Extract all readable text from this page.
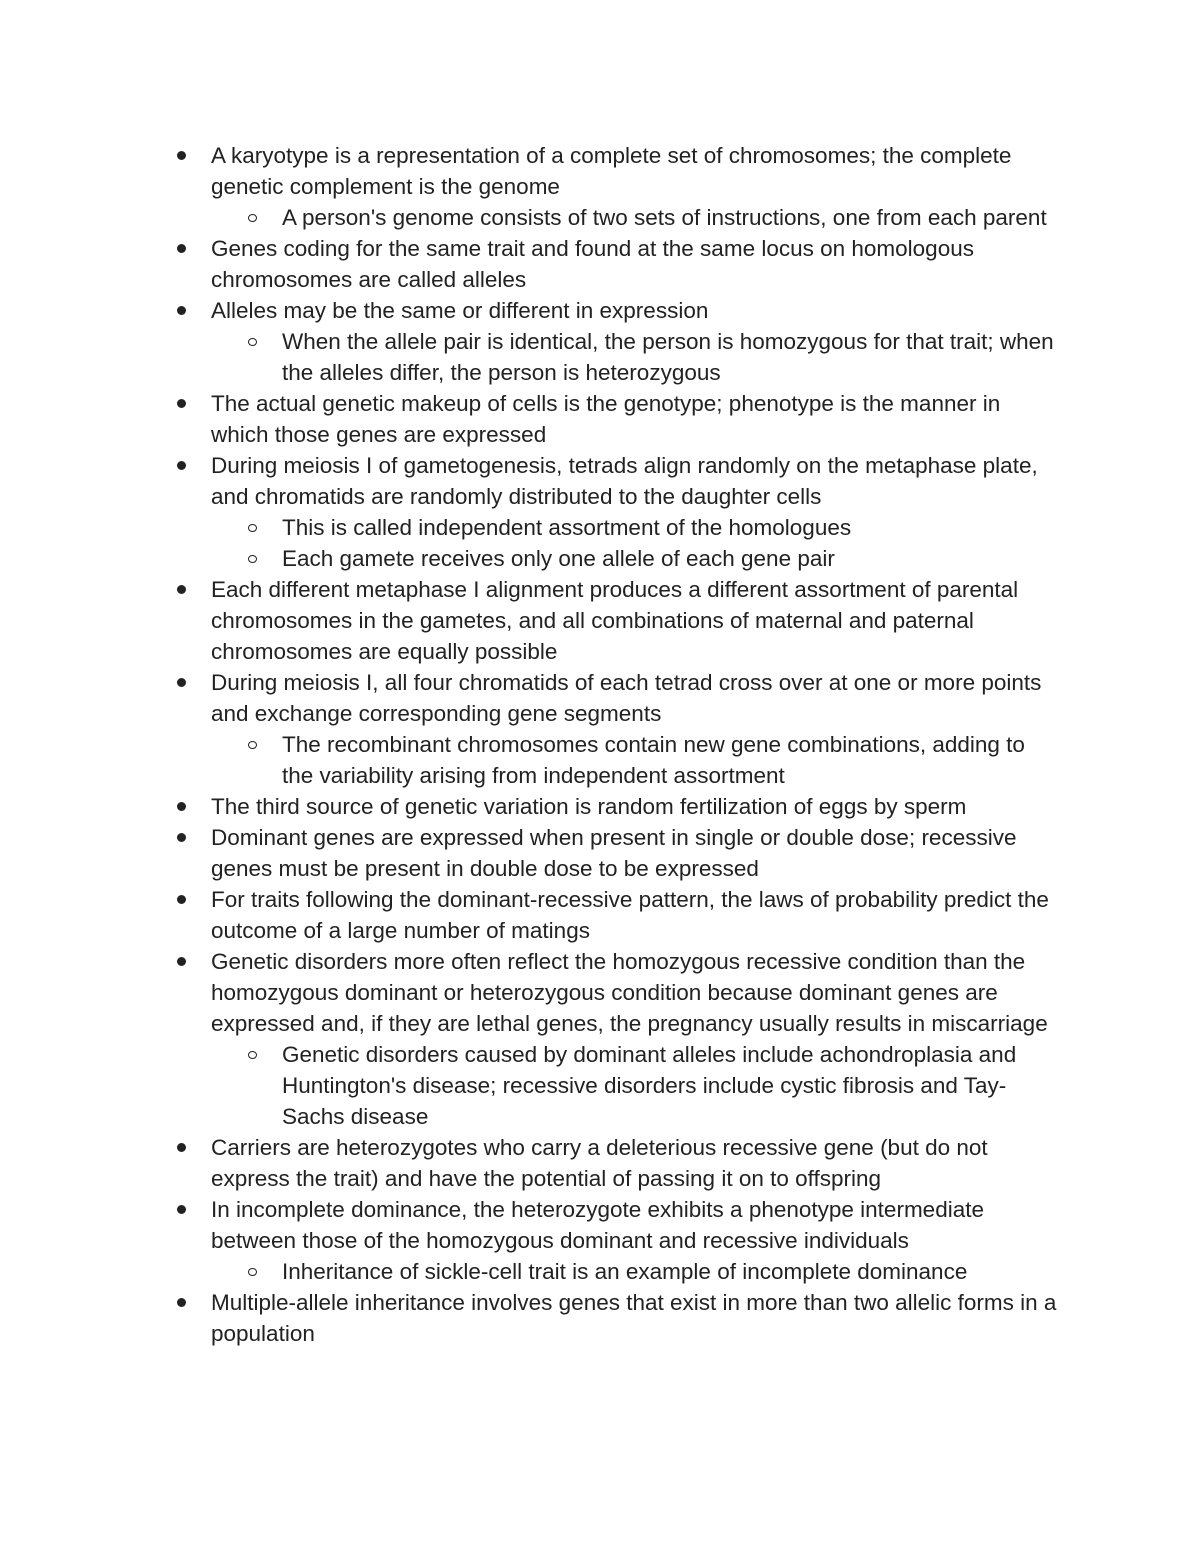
A karyotype is a representation of a complete set of chromosomes; the complete genetic complement is the genome
A person's genome consists of two sets of instructions, one from each parent
Genes coding for the same trait and found at the same locus on homologous chromosomes are called alleles
Alleles may be the same or different in expression
When the allele pair is identical, the person is homozygous for that trait; when the alleles differ, the person is heterozygous
The actual genetic makeup of cells is the genotype; phenotype is the manner in which those genes are expressed
During meiosis I of gametogenesis, tetrads align randomly on the metaphase plate, and chromatids are randomly distributed to the daughter cells
This is called independent assortment of the homologues
Each gamete receives only one allele of each gene pair
Each different metaphase I alignment produces a different assortment of parental chromosomes in the gametes, and all combinations of maternal and paternal chromosomes are equally possible
During meiosis I, all four chromatids of each tetrad cross over at one or more points and exchange corresponding gene segments
The recombinant chromosomes contain new gene combinations, adding to the variability arising from independent assortment
The third source of genetic variation is random fertilization of eggs by sperm
Dominant genes are expressed when present in single or double dose; recessive genes must be present in double dose to be expressed
For traits following the dominant-recessive pattern, the laws of probability predict the outcome of a large number of matings
Genetic disorders more often reflect the homozygous recessive condition than the homozygous dominant or heterozygous condition because dominant genes are expressed and, if they are lethal genes, the pregnancy usually results in miscarriage
Genetic disorders caused by dominant alleles include achondroplasia and Huntington's disease; recessive disorders include cystic fibrosis and Tay-Sachs disease
Carriers are heterozygotes who carry a deleterious recessive gene (but do not express the trait) and have the potential of passing it on to offspring
In incomplete dominance, the heterozygote exhibits a phenotype intermediate between those of the homozygous dominant and recessive individuals
Inheritance of sickle-cell trait is an example of incomplete dominance
Multiple-allele inheritance involves genes that exist in more than two allelic forms in a population
